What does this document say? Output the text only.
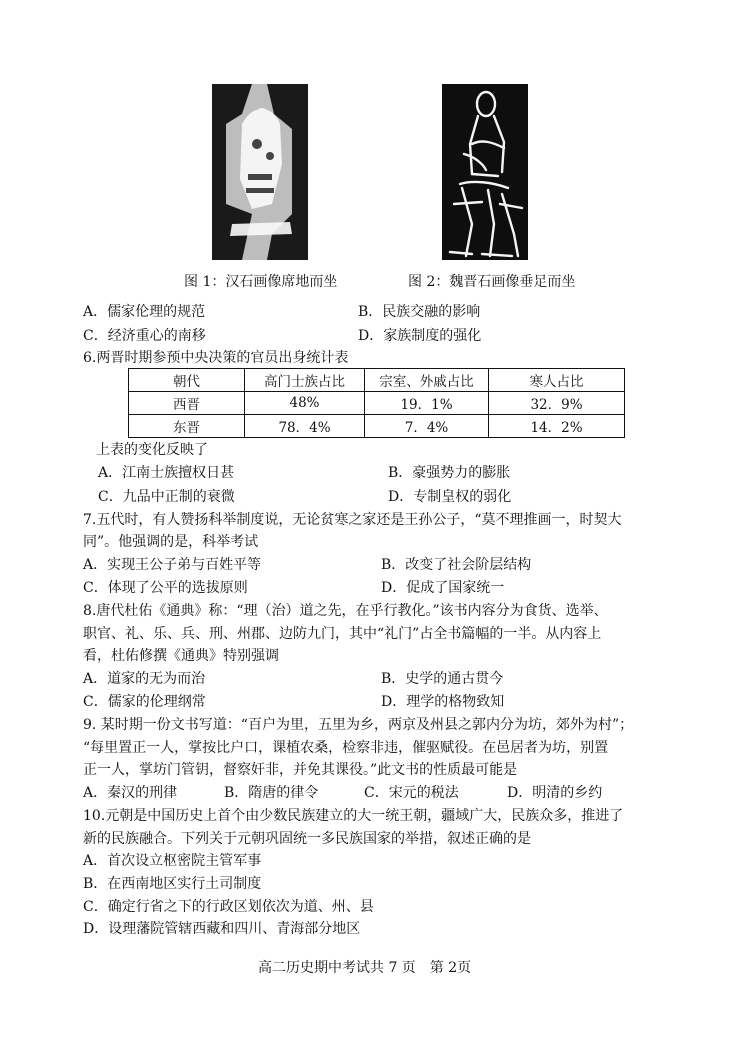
图 1：汉石画像席地而坐	图 2：魏晋石画像垂足而坐
A．儒家伦理的规范	B．民族交融的影响
C．经济重心的南移	D．家族制度的强化
6.两晋时期参预中央决策的官员出身统计表
朝代	高门士族占比	宗室、外戚占比	寒人占比
西晋	48%	19．1%	32．9%
东晋	78．4%	7．4%	14．2%
上表的变化反映了
A．江南士族擅权日甚	B．豪强势力的膨胀
C．九品中正制的衰微	D．专制皇权的弱化
7.五代时，有人赞扬科举制度说，无论贫寒之家还是王孙公子，“莫不理推画一，时契大
同”。他强调的是，科举考试
A．实现王公子弟与百姓平等	B．改变了社会阶层结构
C．体现了公平的选拔原则	D．促成了国家统一
8.唐代杜佑《通典》称：“理（治）道之先，在乎行教化。”该书内容分为食货、选举、
职官、礼、乐、兵、刑、州郡、边防九门，其中“礼门”占全书篇幅的一半。从内容上
看，杜佑修撰《通典》特别强调
A．道家的无为而治	B．史学的通古贯今
C．儒家的伦理纲常	D．理学的格物致知
9. 某时期一份文书写道：“百户为里，五里为乡，两京及州县之郭内分为坊，郊外为村”；
“每里置正一人，掌按比户口，课植农桑，检察非违，催驱赋役。在邑居者为坊，别置
正一人，掌坊门管钥，督察奸非，并免其课役。”此文书的性质最可能是
A．秦汉的刑律	B．隋唐的律令	C．宋元的税法	D．明清的乡约
10.元朝是中国历史上首个由少数民族建立的大一统王朝，疆域广大，民族众多，推进了
新的民族融合。下列关于元朝巩固统一多民族国家的举措，叙述正确的是
A．首次设立枢密院主管军事
B．在西南地区实行土司制度
C．确定行省之下的行政区划依次为道、州、县
D．设理藩院管辖西藏和四川、青海部分地区
高二历史期中考试共 7 页　第 2页
